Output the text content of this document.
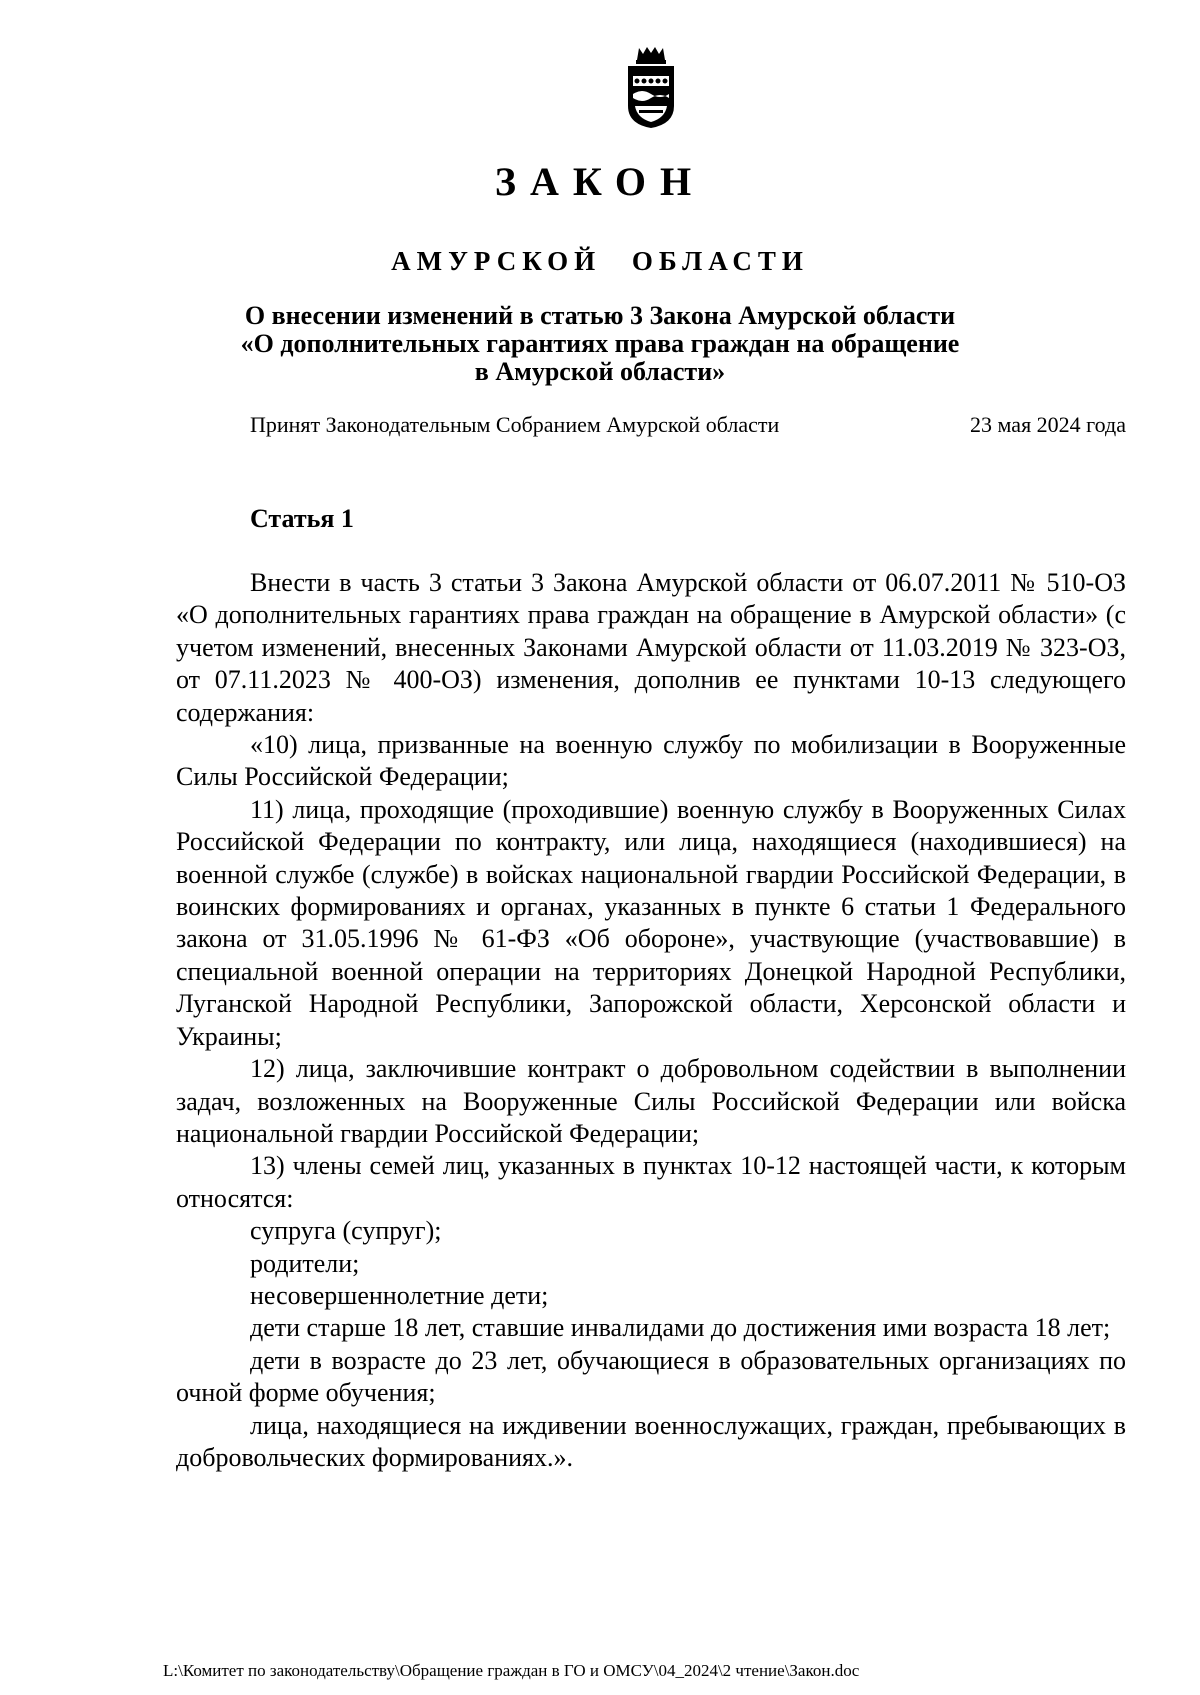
ЗАКОН
АМУРСКОЙ ОБЛАСТИ
О внесении изменений в статью 3 Закона Амурской области
«О дополнительных гарантиях права граждан на обращение
в Амурской области»
Принят Законодательным Собранием Амурской области	23 мая 2024 года
Статья 1

Внести в часть 3 статьи 3 Закона Амурской области от 06.07.2011 № 510-ОЗ «О дополнительных гарантиях права граждан на обращение в Амурской области» (с учетом изменений, внесенных Законами Амурской области от 11.03.2019 № 323-ОЗ, от 07.11.2023 № 400-ОЗ) изменения, дополнив ее пунктами 10-13 следующего содержания:

«10) лица, призванные на военную службу по мобилизации в Вооруженные Силы Российской Федерации;

11) лица, проходящие (проходившие) военную службу в Вооруженных Силах Российской Федерации по контракту, или лица, находящиеся (находившиеся) на военной службе (службе) в войсках национальной гвардии Российской Федерации, в воинских формированиях и органах, указанных в пункте 6 статьи 1 Федерального закона от 31.05.1996 № 61-ФЗ «Об обороне», участвующие (участвовавшие) в специальной военной операции на территориях Донецкой Народной Республики, Луганской Народной Республики, Запорожской области, Херсонской области и Украины;

12) лица, заключившие контракт о добровольном содействии в выполнении задач, возложенных на Вооруженные Силы Российской Федерации или войска национальной гвардии Российской Федерации;

13) члены семей лиц, указанных в пунктах 10-12 настоящей части, к которым относятся:

супруга (супруг);

родители;

несовершеннолетние дети;

дети старше 18 лет, ставшие инвалидами до достижения ими возраста 18 лет;

дети в возрасте до 23 лет, обучающиеся в образовательных организациях по очной форме обучения;

лица, находящиеся на иждивении военнослужащих, граждан, пребывающих в добровольческих формированиях.».

L:\Комитет по законодательству\Обращение граждан в ГО и ОМСУ\04_2024\2 чтение\Закон.doc
